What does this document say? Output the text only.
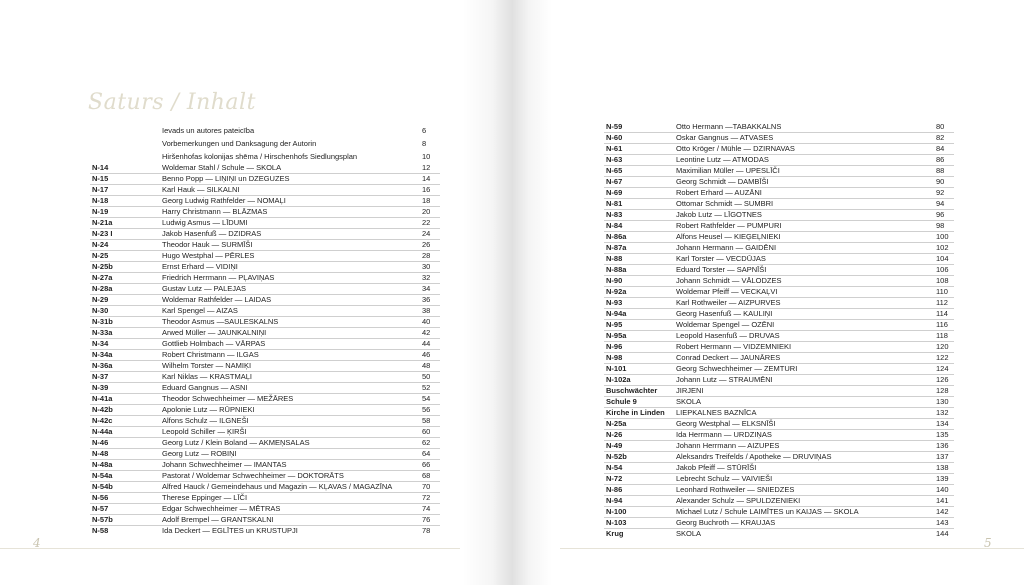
Saturs / Inhalt
	Ievads un autores pateicība	6
	Vorbemerkungen und Danksagung der Autorin	8
	Hiršenhofas kolonijas shēma / Hirschenhofs Siedlungsplan	10
N-14	Woldemar Stahl / Schule — SKOLA	12
N-15	Benno Popp — LIŅIŅI un DZEGUZES	14
N-17	Karl Hauk — SILKALNI	16
N-18	Georg Ludwig Rathfelder — NOMAĻI	18
N-19	Harry Christmann — BLĀZMAS	20
N-21a	Ludwig Asmus — LĪDUMI	22
N-23 I	Jakob Hasenfuß — DZIDRAS	24
N-24	Theodor Hauk — SURMĪŠI	26
N-25	Hugo Westphal — PĒRLES	28
N-25b	Ernst Erhard — VIDIŅI	30
N-27a	Friedrich Herrmann — PĻAVIŅAS	32
N-28a	Gustav Lutz — PALEJAS	34
N-29	Woldemar Rathfelder — LAIDAS	36
N-30	Karl Spengel — AIZAS	38
N-31b	Theodor Asmus —SAULESKALNS	40
N-33a	Arwed Müller — JAUNKALNIŅI	42
N-34	Gottlieb Holmbach — VĀRPAS	44
N-34a	Robert Christmann — ILGAS	46
N-36a	Wilhelm Torster — NAMIĶI	48
N-37	Karl Niklas — KRASTMAĻI	50
N-39	Eduard Gangnus — ASNI	52
N-41a	Theodor Schwechheimer — MEŽĀRES	54
N-42b	Apolonie Lutz — RŪPNIEKI	56
N-42c	Alfons Schulz — ILGNEŠI	58
N-44a	Leopold Schiller — ĶIRŠI	60
N-46	Georg Lutz / Klein Boland — AKMEŅSALAS	62
N-48	Georg Lutz — ROBIŅI	64
N-48a	Johann Schwechheimer — IMANTAS	66
N-54a	Pastorat / Woldemar Schwechheimer — DOKTORĀTS	68
N-54b	Alfred Hauck / Gemeindehaus und Magazin — KĻAVAS / MAGAZĪNA	70
N-56	Therese Eppinger — LĪČI	72
N-57	Edgar Schwechheimer — MĒTRAS	74
N-57b	Adolf Brempel — GRANTSKALNI	76
N-58	Ida Deckert — EGLĪTES un KRUSTUPJI	78
N-59	Otto Hermann —TABAKKALNS	80
N-60	Oskar Gangnus — ATVASES	82
N-61	Otto Kröger / Mühle — DZIRNAVAS	84
N-63	Leontine Lutz — ATMODAS	86
N-65	Maximilian Müller — UPESLĪČI	88
N-67	Georg Schmidt — DAMBĪŠI	90
N-69	Robert Erhard — AUZĀNI	92
N-81	Ottomar Schmidt — SUMBRI	94
N-83	Jakob Lutz — LĪGOTNES	96
N-84	Robert Rathfelder — PUMPURI	98
N-86a	Alfons Heusel — KIEĢEĻNIEKI	100
N-87a	Johann Hermann — GAIDĒNI	102
N-88	Karl Torster — VECDŪJAS	104
N-88a	Eduard Torster — SAPNĪŠI	106
N-90	Johann Schmidt — VĀLODZES	108
N-92a	Woldemar Pfeiff — VECKAĻVI	110
N-93	Karl Rothweiler — AIZPURVES	112
N-94a	Georg Hasenfuß — KAULIŅI	114
N-95	Woldemar Spengel — OZĒNI	116
N-95a	Leopold Hasenfuß — DRUVAS	118
N-96	Robert Hermann — VIDZEMNIEKI	120
N-98	Conrad Deckert — JAUNĀRES	122
N-101	Georg Schwechheimer — ZEMTURI	124
N-102a	Johann Lutz — STRAUMĒNI	126
Buschwächter	JIRJENI	128
Schule 9	SKOLA	130
Kirche in Linden	LIEPKALNES BAZNĪCA	132
N-25a	Georg Westphal — ELKSNĪŠI	134
N-26	Ida Herrmann — URDZIŅAS	135
N-49	Johann Herrmann — AIZUPES	136
N-52b	Aleksandrs Treifelds / Apotheke — DRUVIŅAS	137
N-54	Jakob Pfeiff — STŪRĪŠI	138
N-72	Lebrecht Schulz — VAIVIEŠI	139
N-86	Leonhard Rothweiler — SNIEDZES	140
N-94	Alexander Schulz — SPULDZENIEKI	141
N-100	Michael Lutz / Schule LAIMĪTES un KAIJAS — SKOLA	142
N-103	Georg Buchroth — KRAUJAS	143
Krug	SKOLA	144
4	5
